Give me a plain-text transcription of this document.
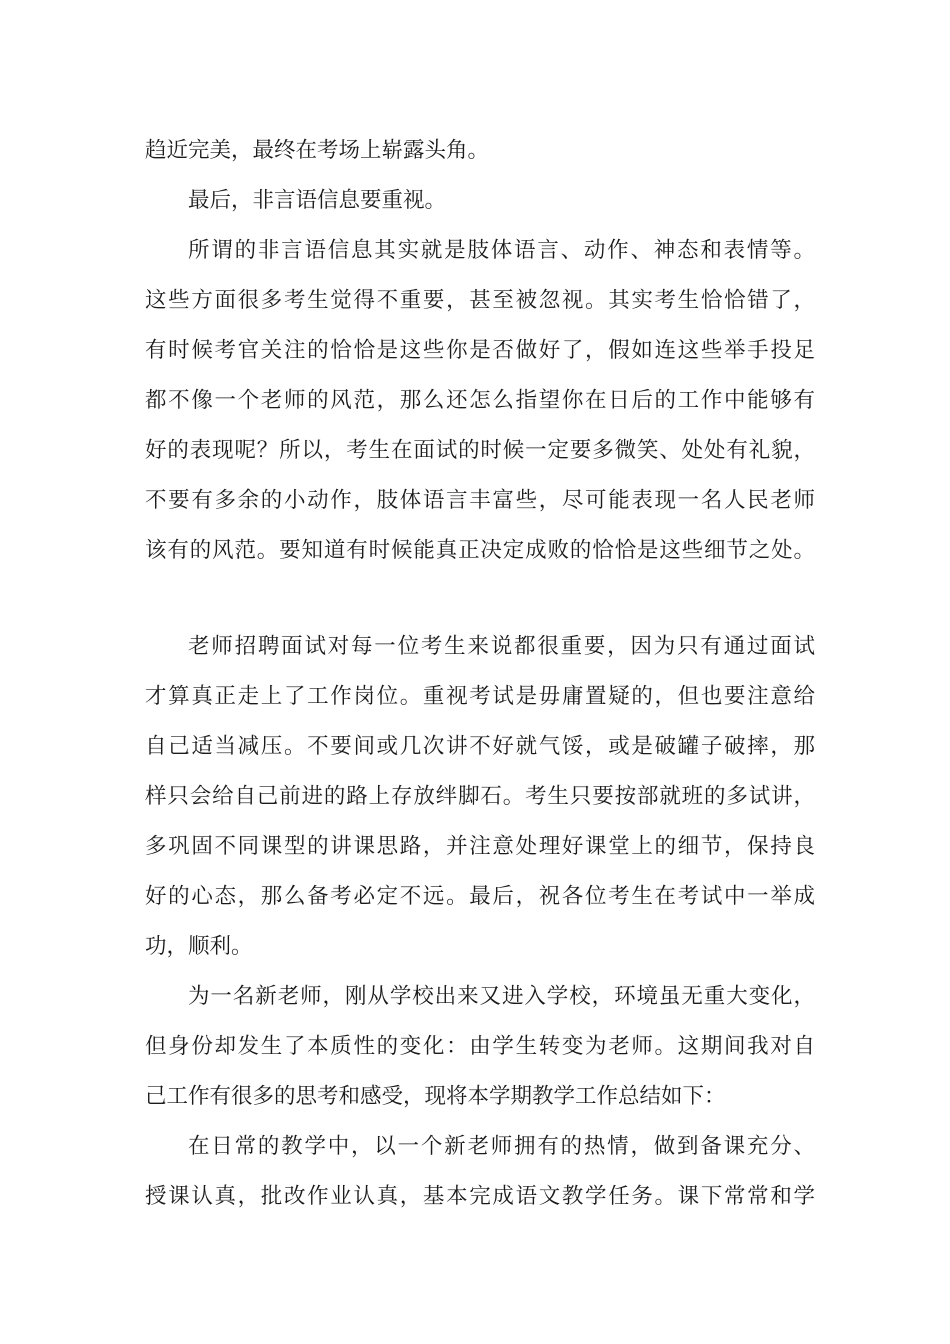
趋近完美，最终在考场上崭露头角。
最后，非言语信息要重视。
所谓的非言语信息其实就是肢体语言、动作、神态和表情等。
这些方面很多考生觉得不重要，甚至被忽视。其实考生恰恰错了，
有时候考官关注的恰恰是这些你是否做好了，假如连这些举手投足
都不像一个老师的风范，那么还怎么指望你在日后的工作中能够有
好的表现呢？所以，考生在面试的时候一定要多微笑、处处有礼貌，
不要有多余的小动作，肢体语言丰富些，尽可能表现一名人民老师
该有的风范。要知道有时候能真正决定成败的恰恰是这些细节之处。
老师招聘面试对每一位考生来说都很重要，因为只有通过面试
才算真正走上了工作岗位。重视考试是毋庸置疑的，但也要注意给
自己适当减压。不要间或几次讲不好就气馁，或是破罐子破摔，那
样只会给自己前进的路上存放绊脚石。考生只要按部就班的多试讲，
多巩固不同课型的讲课思路，并注意处理好课堂上的细节，保持良
好的心态，那么备考必定不远。最后，祝各位考生在考试中一举成
功，顺利。
为一名新老师，刚从学校出来又进入学校，环境虽无重大变化，
但身份却发生了本质性的变化：由学生转变为老师。这期间我对自
己工作有很多的思考和感受，现将本学期教学工作总结如下：
在日常的教学中，以一个新老师拥有的热情，做到备课充分、
授课认真，批改作业认真，基本完成语文教学任务。课下常常和学
